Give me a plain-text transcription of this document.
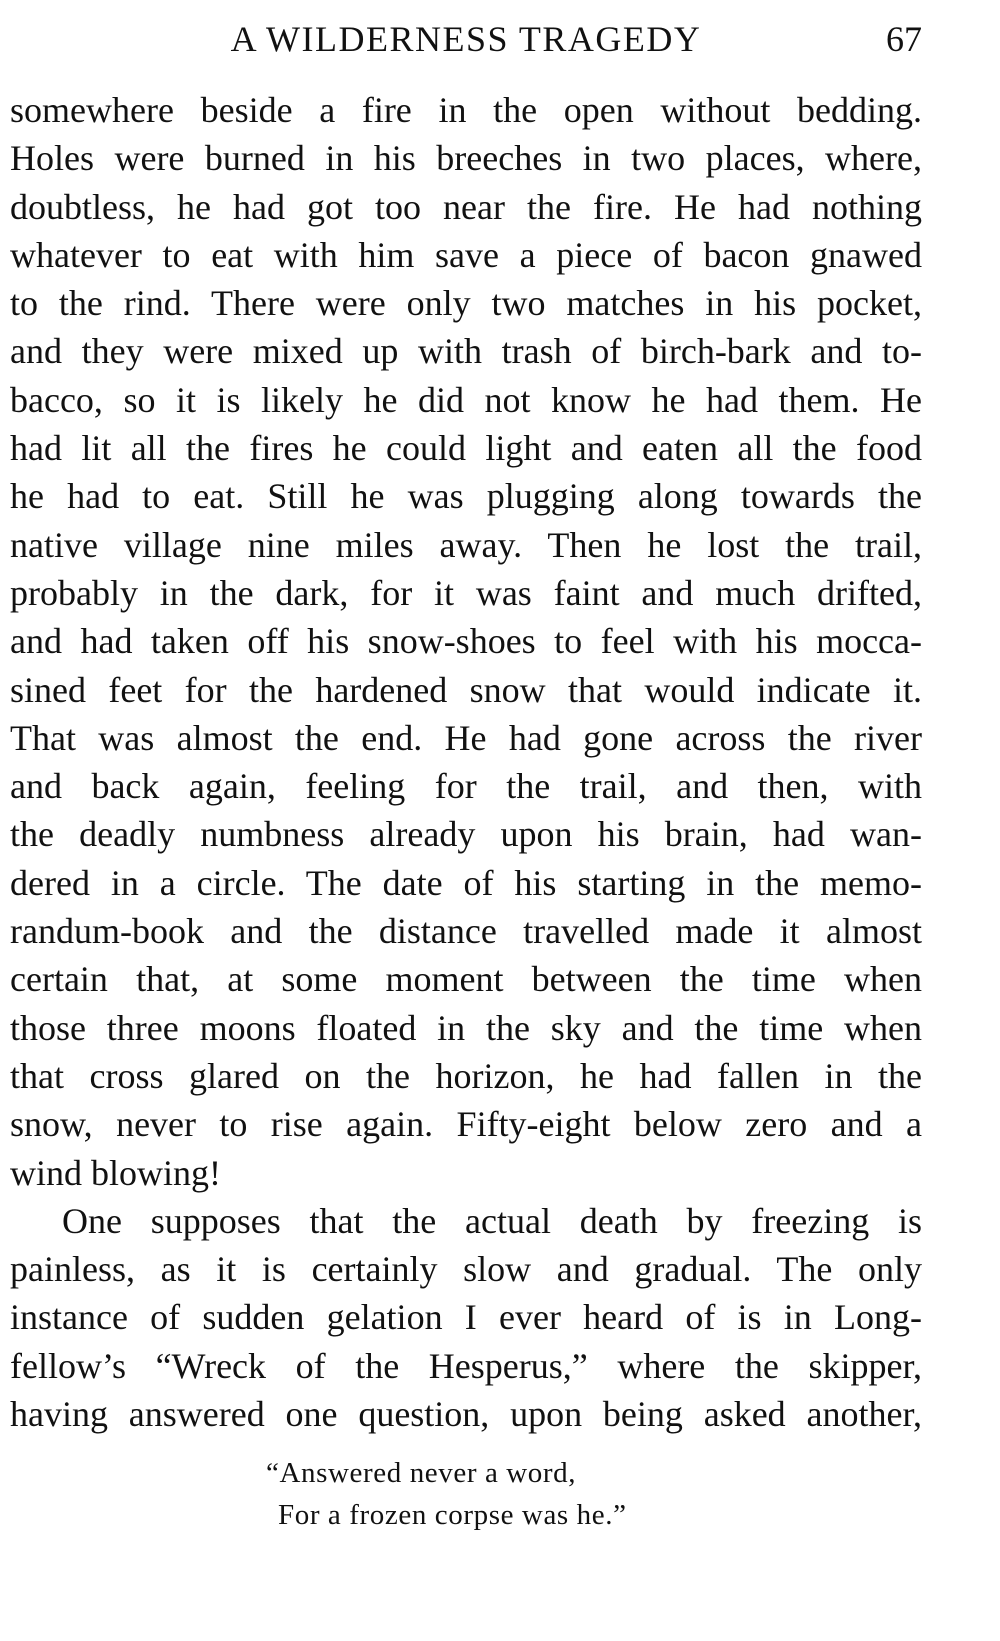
A WILDERNESS TRAGEDY	67
somewhere beside a fire in the open without bedding.
Holes were burned in his breeches in two places, where,
doubtless, he had got too near the fire. He had nothing
whatever to eat with him save a piece of bacon gnawed
to the rind. There were only two matches in his pocket,
and they were mixed up with trash of birch-bark and to-
bacco, so it is likely he did not know he had them. He
had lit all the fires he could light and eaten all the food
he had to eat. Still he was plugging along towards the
native village nine miles away. Then he lost the trail,
probably in the dark, for it was faint and much drifted,
and had taken off his snow-shoes to feel with his mocca-
sined feet for the hardened snow that would indicate it.
That was almost the end. He had gone across the river
and back again, feeling for the trail, and then, with
the deadly numbness already upon his brain, had wan-
dered in a circle. The date of his starting in the memo-
randum-book and the distance travelled made it almost
certain that, at some moment between the time when
those three moons floated in the sky and the time when
that cross glared on the horizon, he had fallen in the
snow, never to rise again. Fifty-eight below zero and a
wind blowing!
One supposes that the actual death by freezing is
painless, as it is certainly slow and gradual. The only
instance of sudden gelation I ever heard of is in Long-
fellow’s “Wreck of the Hesperus,” where the skipper,
having answered one question, upon being asked another,
“Answered never a word,
For a frozen corpse was he.”
